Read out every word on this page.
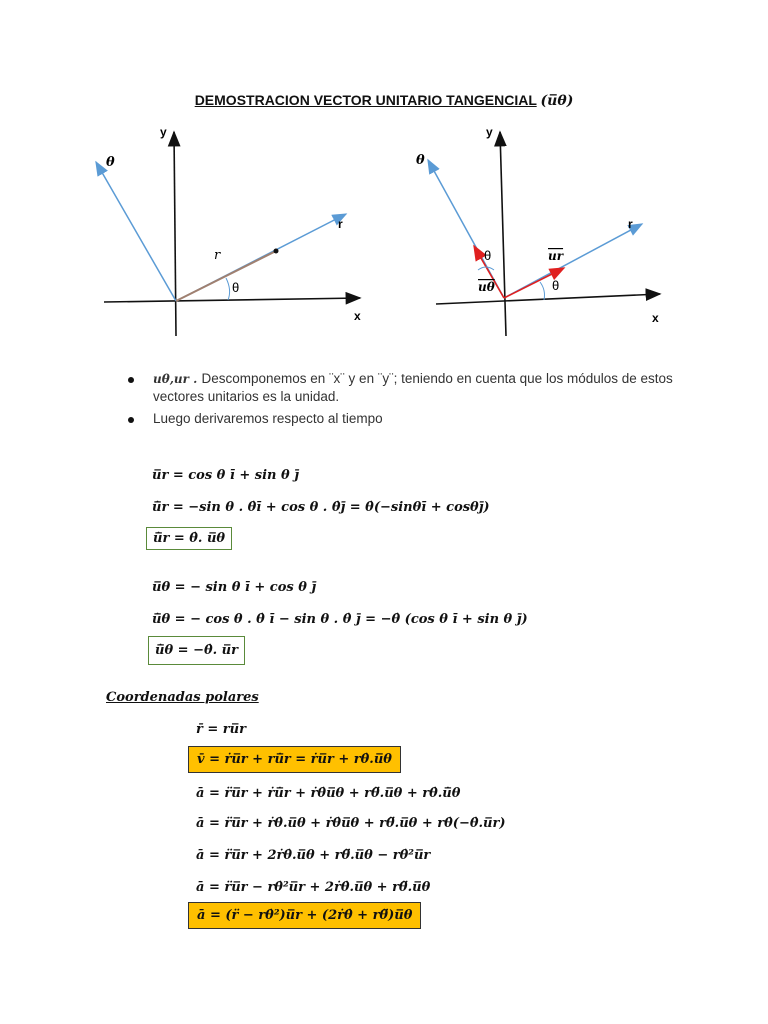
DEMOSTRACION VECTOR UNITARIO TANGENCIAL (u̅θ)
y
x
θ
r
r
θ
y
x
θ
r
ur
uθ
θ
θ
uθ,ur . Descomponemos en ¨x¨ y en ¨y¨; teniendo en cuenta que los módulos de estos vectores unitarios es la unidad.
Luego derivaremos respecto al tiempo
u̅r = cos θ ī + sin θ j̄
u̅̇r = −sin θ . θ̇ī + cos θ . θ̇j̄ = θ̇(−sinθī + cosθj̄)
u̅̇r = θ̇. u̅θ
u̅θ = − sin θ ī + cos θ j̄
u̅̇θ = − cos θ . θ̇ ī − sin θ . θ̇ j̄ = −θ̇ (cos θ ī + sin θ j̄)
u̅̇θ = −θ̇. u̅r
Coordenadas polares
r̄ = ru̅r
v̄ = ṙu̅r + ru̅̇r = ṙu̅r + rθ̇.u̅θ
ā = r̈u̅r + ṙu̅̇r + ṙθ̇u̅θ + rθ̈.u̅θ + rθ̇.u̅̇θ
ā = r̈u̅r + ṙθ̇.u̅θ + ṙθ̇u̅θ + rθ̈.u̅θ + rθ̇(−θ̇.u̅r)
ā = r̈u̅r + 2ṙθ̇.u̅θ + rθ̈.u̅θ − rθ̇²u̅r
ā = r̈u̅r − rθ̇²u̅r + 2ṙθ̇.u̅θ + rθ̈.u̅θ
ā = (r̈ − rθ̇²)u̅r + (2ṙθ̇ + rθ̈)u̅θ
